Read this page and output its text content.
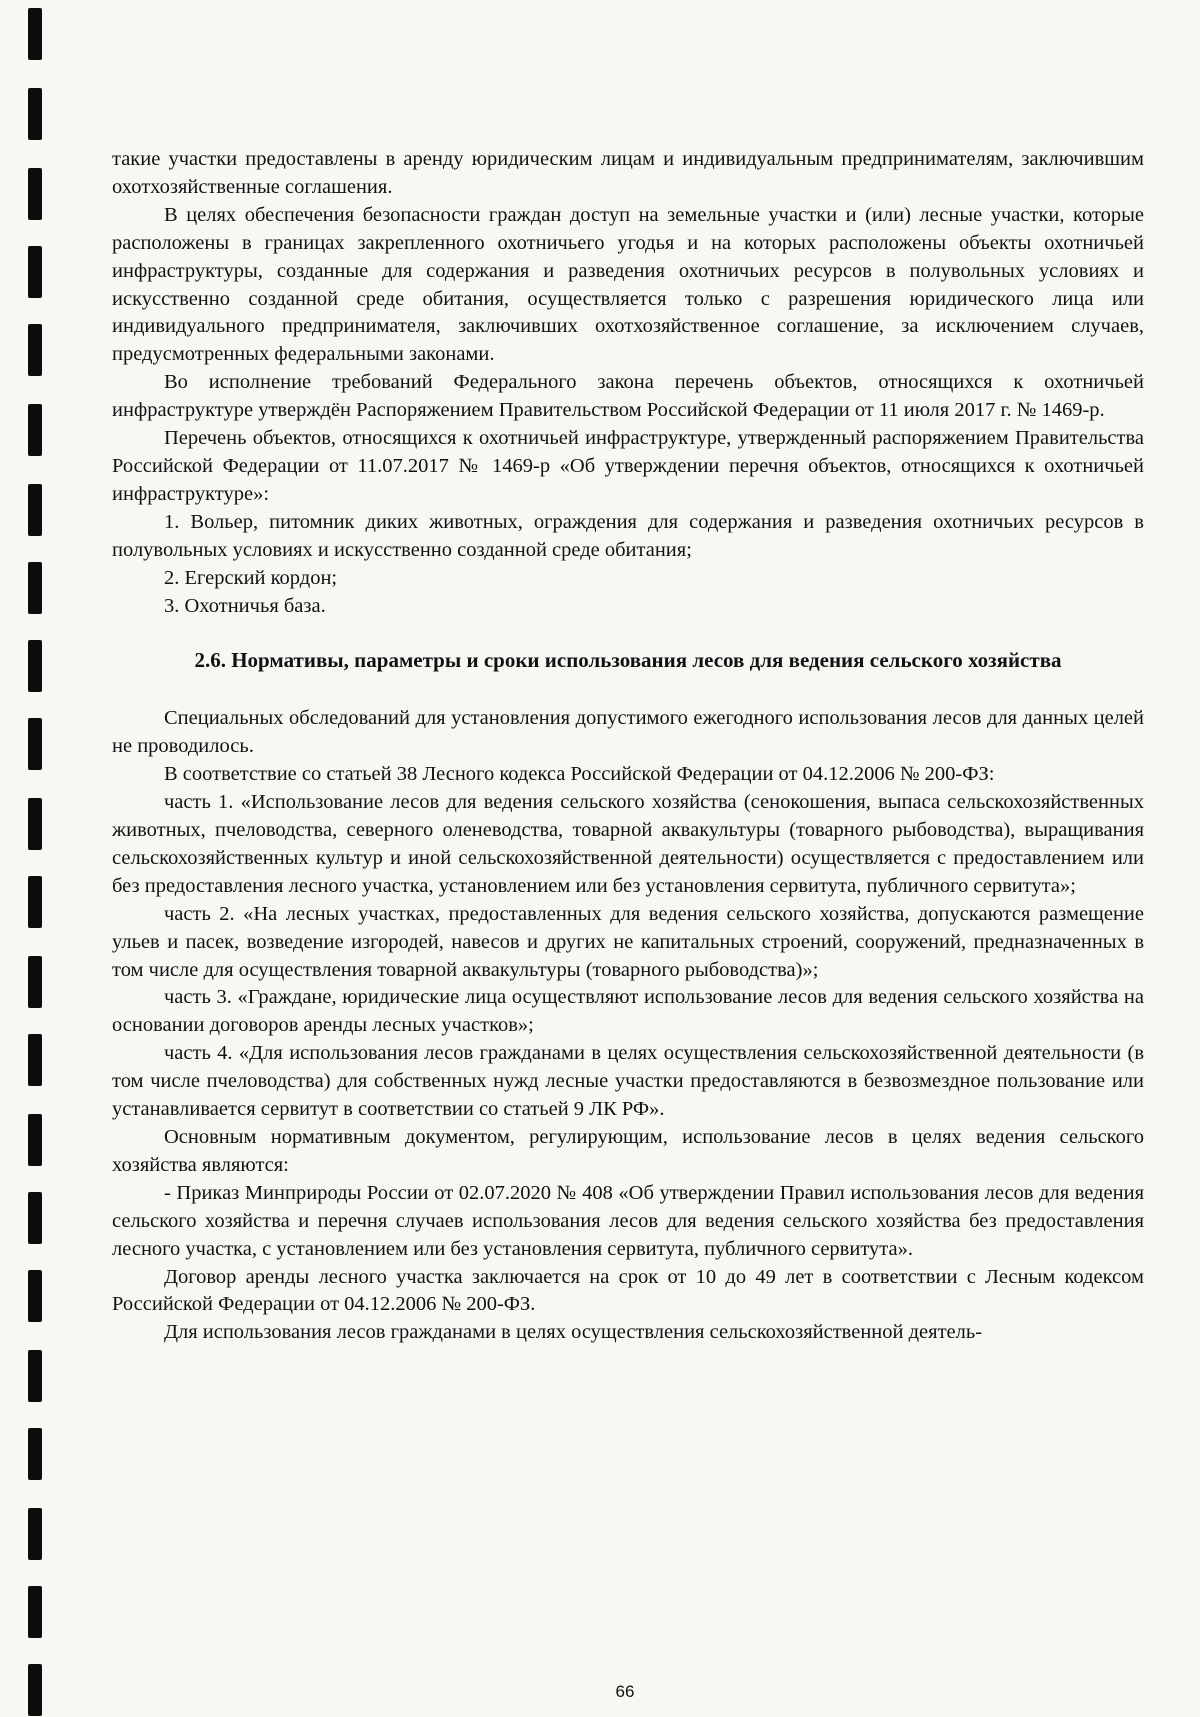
такие участки предоставлены в аренду юридическим лицам и индивидуальным предпринимателям, заключившим охотхозяйственные соглашения.

В целях обеспечения безопасности граждан доступ на земельные участки и (или) лесные участки, которые расположены в границах закрепленного охотничьего угодья и на которых расположены объекты охотничьей инфраструктуры, созданные для содержания и разведения охотничьих ресурсов в полувольных условиях и искусственно созданной среде обитания, осуществляется только с разрешения юридического лица или индивидуального предпринимателя, заключивших охотхозяйственное соглашение, за исключением случаев, предусмотренных федеральными законами.

Во исполнение требований Федерального закона перечень объектов, относящихся к охотничьей инфраструктуре утверждён Распоряжением Правительством Российской Федерации от 11 июля 2017 г. № 1469-р.

Перечень объектов, относящихся к охотничьей инфраструктуре, утвержденный распоряжением Правительства Российской Федерации от 11.07.2017 № 1469-р «Об утверждении перечня объектов, относящихся к охотничьей инфраструктуре»:

1. Вольер, питомник диких животных, ограждения для содержания и разведения охотничьих ресурсов в полувольных условиях и искусственно созданной среде обитания;

2. Егерский кордон;

3. Охотничья база.

2.6. Нормативы, параметры и сроки использования лесов для ведения сельского хозяйства

Специальных обследований для установления допустимого ежегодного использования лесов для данных целей не проводилось.

В соответствие со статьей 38 Лесного кодекса Российской Федерации от 04.12.2006 № 200-ФЗ:

часть 1. «Использование лесов для ведения сельского хозяйства (сенокошения, выпаса сельскохозяйственных животных, пчеловодства, северного оленеводства, товарной аквакультуры (товарного рыбоводства), выращивания сельскохозяйственных культур и иной сельскохозяйственной деятельности) осуществляется с предоставлением или без предоставления лесного участка, установлением или без установления сервитута, публичного сервитута»;

часть 2. «На лесных участках, предоставленных для ведения сельского хозяйства, допускаются размещение ульев и пасек, возведение изгородей, навесов и других не капитальных строений, сооружений, предназначенных в том числе для осуществления товарной аквакультуры (товарного рыбоводства)»;

часть 3. «Граждане, юридические лица осуществляют использование лесов для ведения сельского хозяйства на основании договоров аренды лесных участков»;

часть 4. «Для использования лесов гражданами в целях осуществления сельскохозяйственной деятельности (в том числе пчеловодства) для собственных нужд лесные участки предоставляются в безвозмездное пользование или устанавливается сервитут в соответствии со статьей 9 ЛК РФ».

Основным нормативным документом, регулирующим, использование лесов в целях ведения сельского хозяйства являются:

- Приказ Минприроды России от 02.07.2020 № 408 «Об утверждении Правил использования лесов для ведения сельского хозяйства и перечня случаев использования лесов для ведения сельского хозяйства без предоставления лесного участка, с установлением или без установления сервитута, публичного сервитута».

Договор аренды лесного участка заключается на срок от 10 до 49 лет в соответствии с Лесным кодексом Российской Федерации от 04.12.2006 № 200-ФЗ.

Для использования лесов гражданами в целях осуществления сельскохозяйственной деятель-

66
